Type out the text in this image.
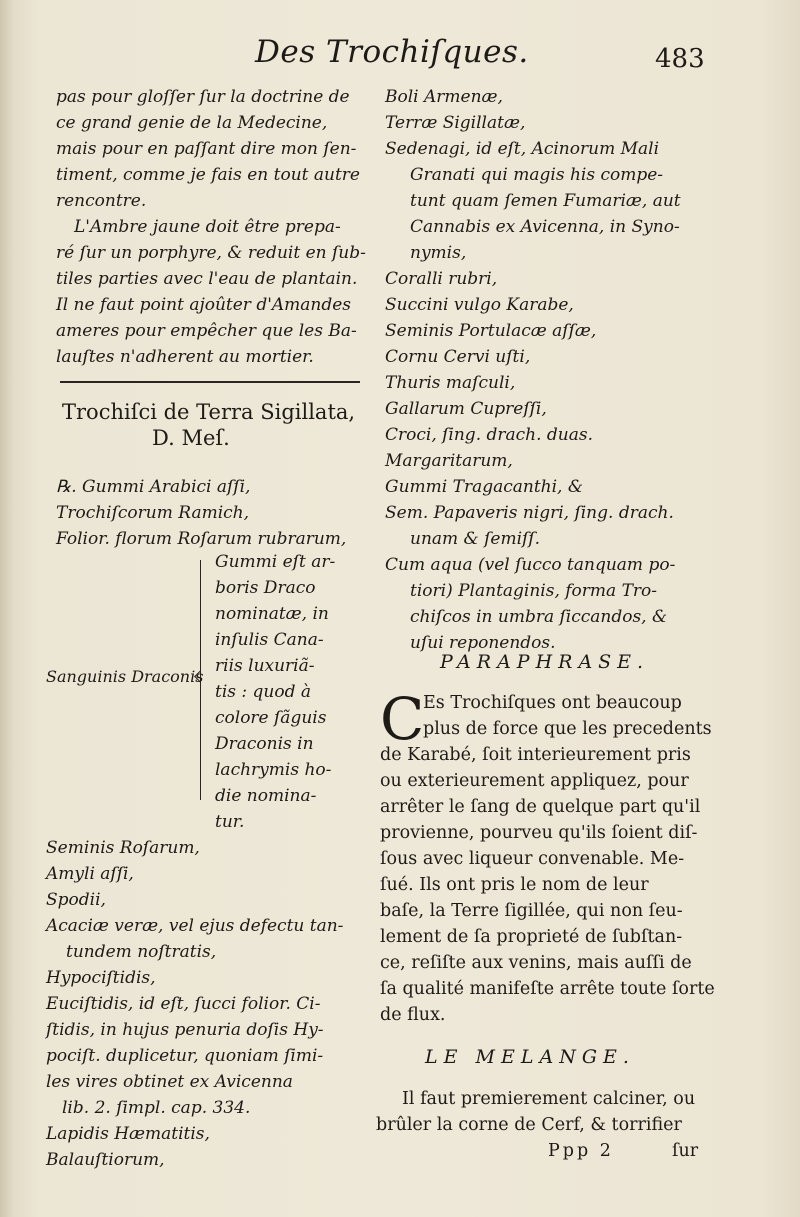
Des Trochiſques.	483
pas pour gloſſer ſur la doctrine de
ce grand genie de la Medecine,
mais pour en paſſant dire mon ſen-
timent, comme je fais en tout autre
rencontre.
L'Ambre jaune doit être prepa-
ré ſur un porphyre, & reduit en ſub-
tiles parties avec l'eau de plantain.
Il ne faut point ajoûter d'Amandes
ameres pour empêcher que les Ba-
lauſtes n'adherent au mortier.
Trochiſci de Terra Sigillata,
D. Meſ.
℞. Gummi Arabici aſſi,
Trochiſcorum Ramich,
Folior. florum Roſarum rubrarum,
Sanguinis Draconis
Gummi eſt ar-
boris Draco
nominatæ, in
inſulis Cana-
riis luxuriã-
tis : quod à
colore ſãguis
Draconis in
lachrymis ho-
die nomina-
tur.
Seminis Roſarum,
Amyli aſſi,
Spodii,
Acaciæ veræ, vel ejus defectu tan-
tundem noſtratis,
Hypociſtidis,
Euciſtidis, id eſt, ſucci folior. Ci-
ſtidis, in hujus penuria doſis Hy-
pociſt. duplicetur, quoniam ſimi-
les vires obtinet ex Avicenna
lib. 2. ſimpl. cap. 334.
Lapidis Hæmatitis,
Balauſtiorum,
Boli Armenæ,
Terræ Sigillatæ,
Sedenagi, id eſt, Acinorum Mali
Granati qui magis his compe-
tunt quam ſemen Fumariæ, aut
Cannabis ex Avicenna, in Syno-
nymis,
Coralli rubri,
Succini vulgo Karabe,
Seminis Portulacæ aſſæ,
Cornu Cervi uſti,
Thuris maſculi,
Gallarum Cupreſſi,
Croci, ſing. drach. duas.
Margaritarum,
Gummi Tragacanthi, &
Sem. Papaveris nigri, ſing. drach.
unam & ſemiſſ.
Cum aqua (vel ſucco tanquam po-
tiori) Plantaginis, forma Tro-
chiſcos in umbra ſiccandos, &
uſui reponendos.
PARAPHRASE.
C
Es Trochiſques ont beaucoup
plus de force que les precedents
de Karabé, ſoit interieurement pris
ou exterieurement appliquez, pour
arrêter le ſang de quelque part qu'il
provienne, pourveu qu'ils ſoient diſ-
ſous avec liqueur convenable. Me-
ſué. Ils ont pris le nom de leur
baſe, la Terre ſigillée, qui non ſeu-
lement de ſa proprieté de ſubſtan-
ce, reſiſte aux venins, mais auſſi de
ſa qualité manifeſte arrête toute ſorte
de flux.
LE MELANGE.
Il faut premierement calciner, ou
brûler la corne de Cerf, & torrifier
Ppp 2	ſur
